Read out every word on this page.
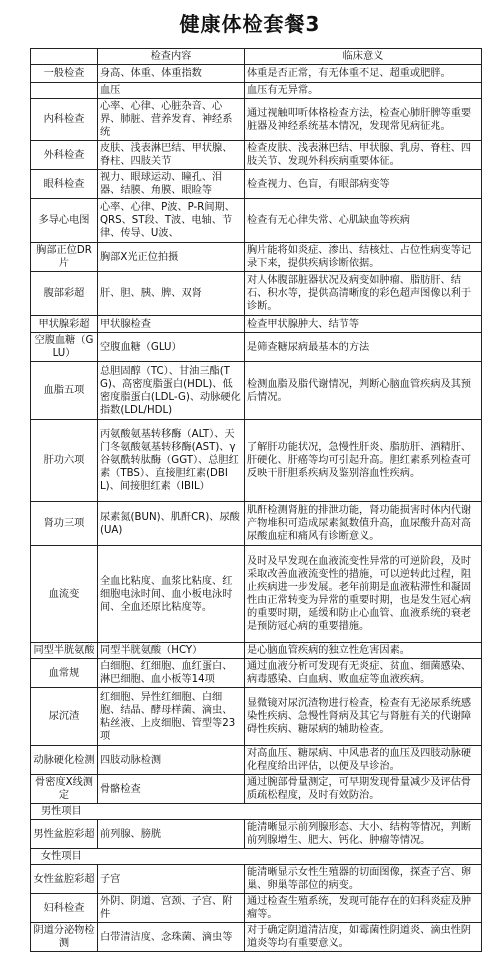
健康体检套餐3
	检查内容	临床意义
一般检查	身高、体重、体重指数	体重是否正常，有无体重不足、超重或肥胖。
	血压	血压有无异常。
内科检查	心率、心律、心脏杂音、心界、肺脏、营养发育、神经系统	通过视触叩听体格检查方法，检查心肺肝脾等重要脏器及神经系统基本情况，发现常见病征兆。
外科检查	皮肤、浅表淋巴结、甲状腺、脊柱、四肢关节	检查皮肤、浅表淋巴结、甲状腺、乳房、脊柱、四肢关节、发现外科疾病重要体征。
眼科检查	视力、眼球运动、瞳孔、泪器、结膜、角膜、眼睑等	检查视力、色盲，有眼部病变等
多导心电图	心率、心律、P波、P-R间期、QRS、ST段、T波、电轴、节律、传导、U波、	检查有无心律失常、心肌缺血等疾病
胸部正位DR片	胸部X光正位拍摄	胸片能将如炎症、渗出、结核灶、占位性病变等记录下来，提供疾病诊断依据。
腹部彩超	肝、胆、胰、脾、双肾	对人体腹部脏器状况及病变如肿瘤、脂肪肝、结石、积水等，提供高清晰度的彩色超声图像以利于诊断。
甲状腺彩超	甲状腺检查	检查甲状腺肿大、结节等
空腹血糖（GLU）	空腹血糖（GLU）	是筛查糖尿病最基本的方法
血脂五项	总胆固醇（TC）、甘油三酯(TG)、高密度脂蛋白(HDL)、低密度脂蛋白(LDL-G)、动脉硬化指数(LDL/HDL)	检测血脂及脂代谢情况，判断心脑血管疾病及其预后情况。
肝功六项	丙氨酸氨基转移酶（ALT）、天门冬氨酸氨基转移酶(AST)、γ谷氨酰转肽酶（GGT）、总胆红素（TBS）、直接胆红素(DBIL)、间接胆红素（IBIL）	了解肝功能状况，急慢性肝炎、脂肪肝、酒精肝、肝硬化、肝癌等均可引起升高。胆红素系列检查可反映干肝胆系疾病及鉴别溶血性疾病。
肾功三项	尿素氮(BUN)、肌酐CR)、尿酸(UA)	肌酐检测肾脏的排泄功能，肾功能损害时体内代谢产物堆积可造成尿素氮数值升高，血尿酸升高对高尿酸血症和痛风有诊断意义。
血流变	全血比粘度、血浆比粘度、红细胞电泳时间、血小板电泳时间、全血还原比粘度等。	及时及早发现在血液流变性异常的可逆阶段，及时采取改善血液流变性的措施，可以逆转此过程，阻止疾病进一步发展。老年前期是血液粘滞性和凝固性由正常转变为异常的重要时期，也是发生冠心病的重要时期，延缓和防止心血管、血液系统的衰老是预防冠心病的重要措施。
同型半胱氨酸	同型半胱氨酸（HCY）	是心脑血管疾病的独立性危害因素。
血常规	白细胞、红细胞、血红蛋白、淋巴细胞、血小板等14项	通过血液分析可发现有无炎症、贫血、细菌感染、病毒感染、白血病、败血症等血液疾病。
尿沉渣	红细胞、异性红细胞、白细胞、结晶、酵母样菌、滴虫、粘丝液、上皮细胞、管型等23项	显微镜对尿沉渣物进行检查，检查有无泌尿系统感染性疾病、急慢性肾病及其它与肾脏有关的代谢障碍性疾病、糖尿病的辅助检查。
动脉硬化检测	四肢动脉检测	对高血压、糖尿病、中风患者的血压及四肢动脉硬化程度给出评估，以便及早诊治。
骨密度X线测定	骨骼检查	通过腕部骨量测定，可早期发现骨量减少及评估骨质疏松程度，及时有效防治。
男性项目		
男性盆腔彩超	前列腺、膀胱	能清晰显示前列腺形态、大小、结构等情况，判断前列腺增生、肥大、钙化、肿瘤等情况。
女性项目		
女性盆腔彩超	子宫	能清晰显示女性生殖器的切面图像，探查子宫、卵巢、卵巢等部位的病变。
妇科检查	外阴、阴道、宫颈、子宫、附件	通过检查生殖系统，发现可能存在的妇科炎症及肿瘤等。
阴道分泌物检测	白带清洁度、念珠菌、滴虫等	对于确定阴道清洁度，如霉菌性阴道炎、滴虫性阴道炎等均有重要意义。
